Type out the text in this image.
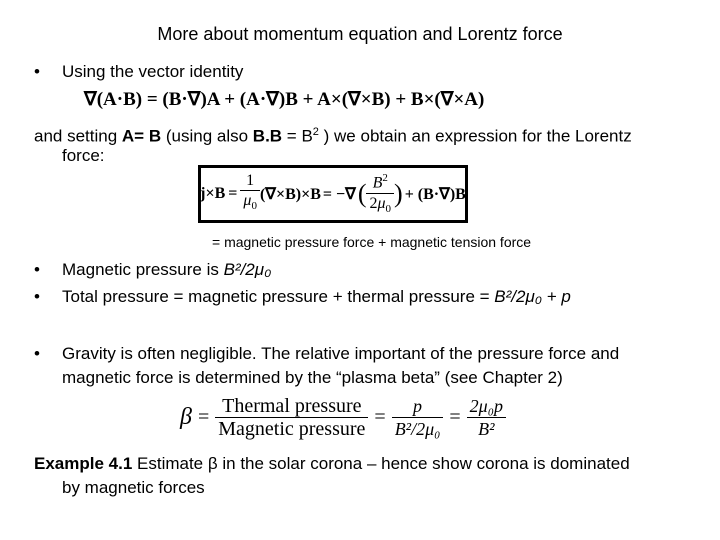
More about momentum equation and Lorentz force
• Using the vector identity
∇(A·B) = (B·∇)A + (A·∇)B + A×(∇×B) + B×(∇×A)
and setting A= B (using also $B.B = B^2$ ) we obtain an expression for the Lorentz
force:
$j\times B = \frac{1}{\mu_0} (\nabla\times B)\times B$ = −∇ ( $\frac{B^2}{2\mu_0}$ ) + (B·∇)B
= magnetic pressure force + magnetic tension force
• Magnetic pressure is B²/2μ₀
• Total pressure = magnetic pressure + thermal pressure = B²/2μ₀ + p
• Gravity is often negligible. The relative important of the pressure force and
magnetic force is determined by the “plasma beta” (see Chapter 2)
$\beta = \frac{\text{Thermal pressure}}{\text{Magnetic pressure}} = \frac{p}{\text{B²/2μ₀}} = \frac{\text{2μ₀p}}{\text{B²}}$
Example 4.1 Estimate β in the solar corona – hence show corona is dominated
by magnetic forces
